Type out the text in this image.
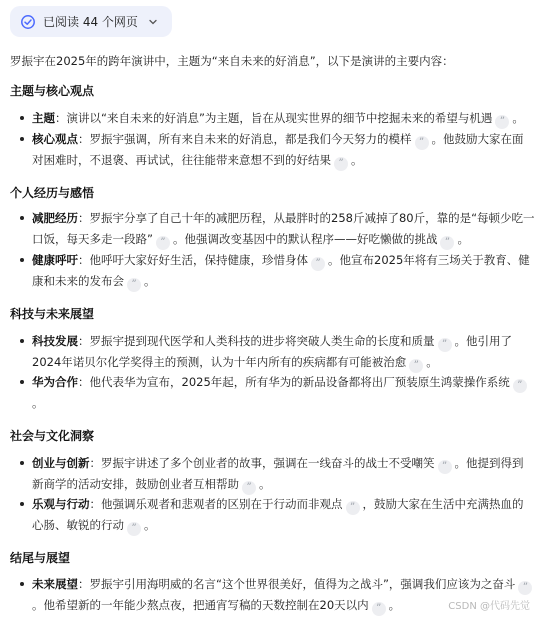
已阅读 44 个网页
罗振宇在2025年的跨年演讲中，主题为“来自未来的好消息”，以下是演讲的主要内容：
主题与核心观点
主题：演讲以“来自未来的好消息”为主题，旨在从现实世界的细节中挖掘未来的希望与机遇 ” 。
核心观点：罗振宇强调，所有来自未来的好消息，都是我们今天努力的模样 ” 。他鼓励大家在面
对困难时，不退褒、再试试，往往能带来意想不到的好结果 ” 。
个人经历与感悟
减肥经历：罗振宇分享了自己十年的减肥历程，从最胖时的258斤减掉了80斤，靠的是“每顿少吃一
口饭，每天多走一段路” ” 。他强调改变基因中的默认程序——好吃懒做的挑战 ” 。
健康呼吁：他呼吁大家好好生活，保持健康，珍惜身体 ” 。他宣布2025年将有三场关于教育、健
康和未来的发布会 ” 。
科技与未来展望
科技发展：罗振宇提到现代医学和人类科技的进步将突破人类生命的长度和质量 ” 。他引用了
2024年诺贝尔化学奖得主的预测，认为十年内所有的疾病都有可能被治愈 ” 。
华为合作：他代表华为宣布，2025年起，所有华为的新品设备都将出厂预装原生鸿蒙操作系统 ”
。
社会与文化洞察
创业与创新：罗振宇讲述了多个创业者的故事，强调在一线奋斗的战士不受嘲笑 ” 。他提到得到
新商学的活动安排，鼓励创业者互相帮助 ” 。
乐观与行动：他强调乐观者和悲观者的区别在于行动而非观点 ” ，鼓励大家在生活中充满热血的
心肠、敏锐的行动 ” 。
结尾与展望
未来展望：罗振宇引用海明威的名言“这个世界很美好，值得为之战斗”，强调我们应该为之奋斗 ”
。他希望新的一年能少熬点夜，把通宵写稿的天数控制在20天以内 ” 。	CSDN @代码先觉
